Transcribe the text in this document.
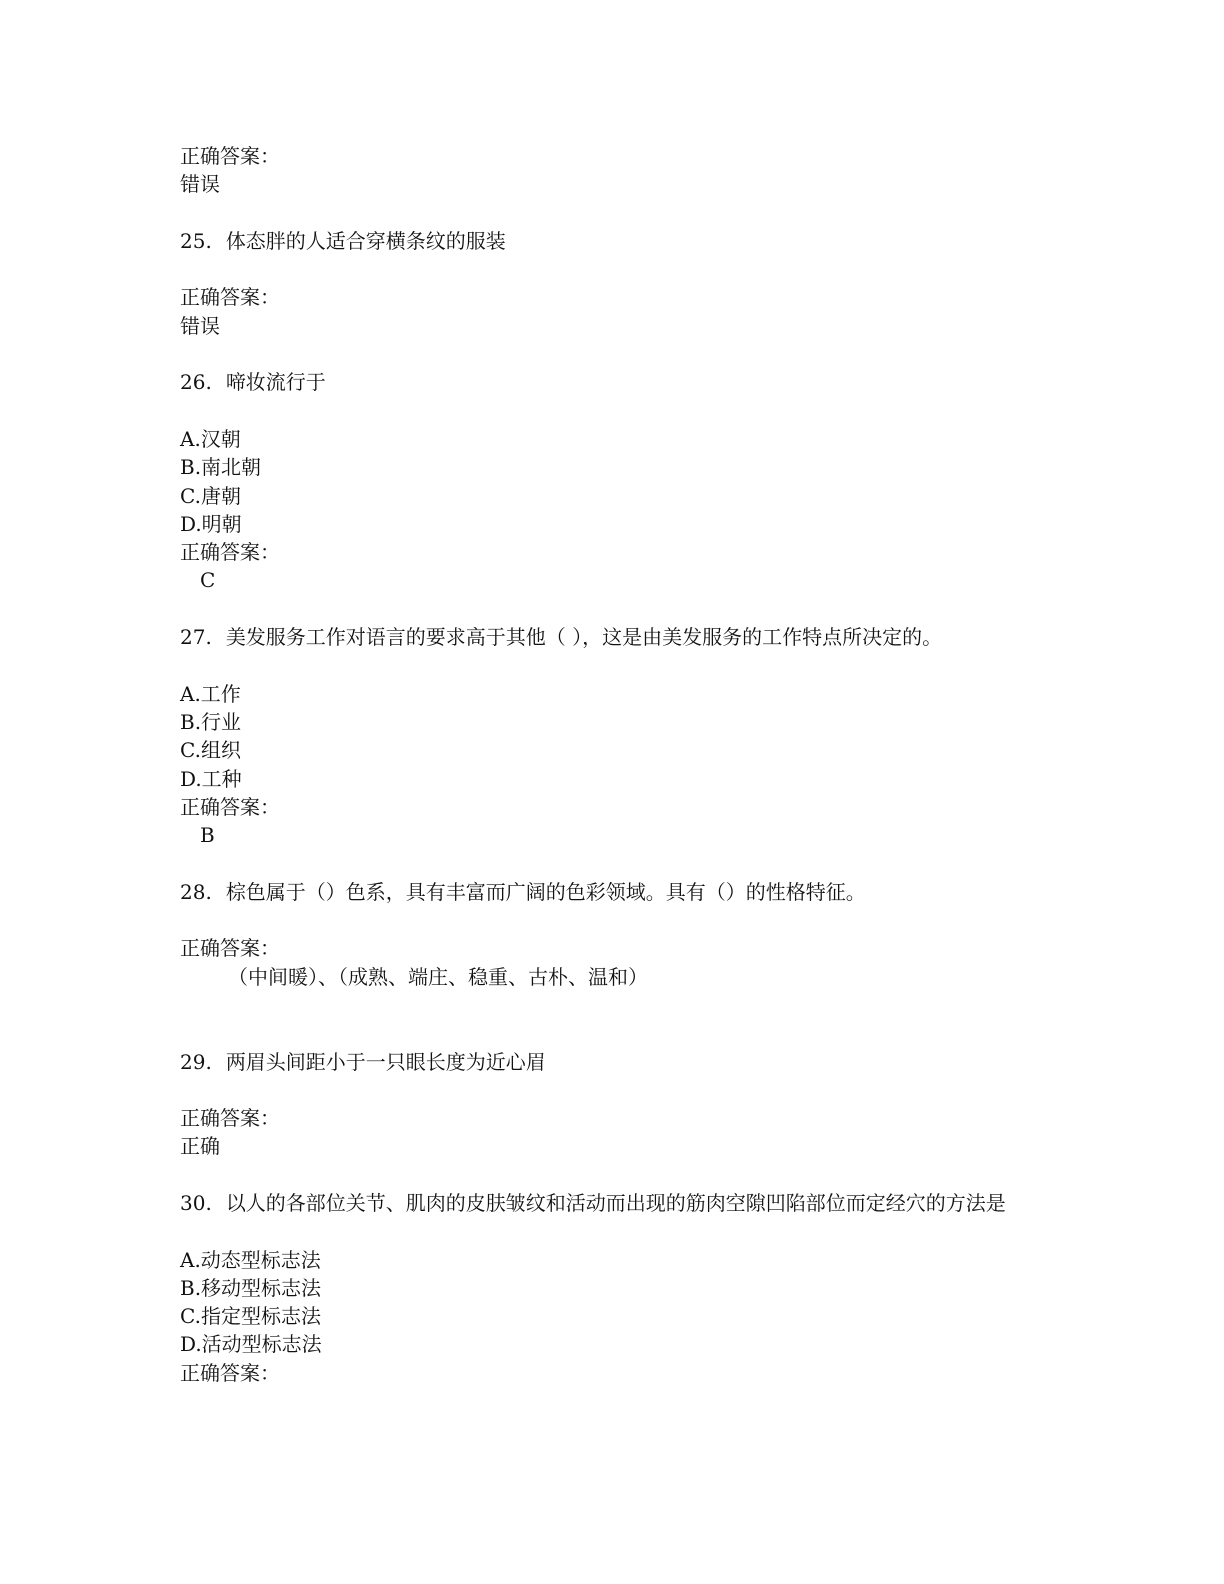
正确答案：
错误
25. 体态胖的人适合穿横条纹的服装
正确答案：
错误
26. 啼妆流行于
A.汉朝
B.南北朝
C.唐朝
D.明朝
正确答案：
C
27. 美发服务工作对语言的要求高于其他（ ），这是由美发服务的工作特点所决定的。
A.工作
B.行业
C.组织
D.工种
正确答案：
B
28. 棕色属于（）色系，具有丰富而广阔的色彩领域。具有（）的性格特征。
正确答案：
（中间暖）、（成熟、端庄、稳重、古朴、温和）
29. 两眉头间距小于一只眼长度为近心眉
正确答案：
正确
30. 以人的各部位关节、肌肉的皮肤皱纹和活动而出现的筋肉空隙凹陷部位而定经穴的方法是
A.动态型标志法
B.移动型标志法
C.指定型标志法
D.活动型标志法
正确答案：
